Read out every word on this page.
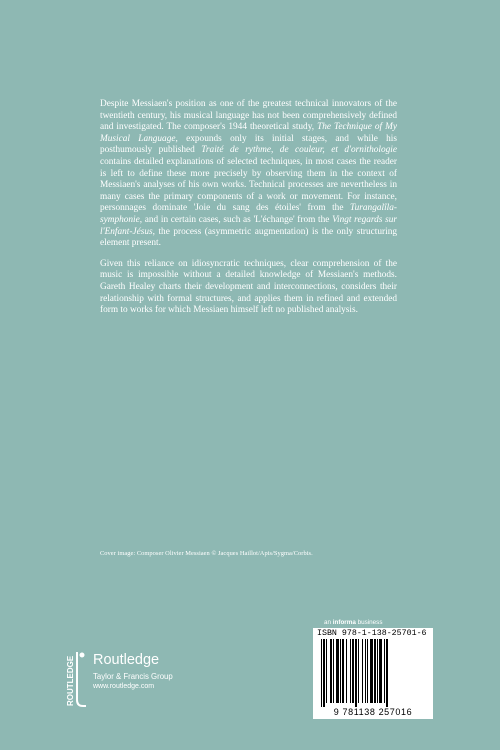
Despite Messiaen's position as one of the greatest technical innovators of the twentieth century, his musical language has not been comprehensively defined and investigated. The composer's 1944 theoretical study, The Technique of My Musical Language, expounds only its initial stages, and while his posthumously published Traité de rythme, de couleur, et d'ornithologie contains detailed explanations of selected techniques, in most cases the reader is left to define these more precisely by observing them in the context of Messiaen's analyses of his own works. Technical processes are nevertheless in many cases the primary components of a work or movement. For instance, personnages dominate 'Joie du sang des étoiles' from the Turangalîla-symphonie, and in certain cases, such as 'L'échange' from the Vingt regards sur l'Enfant-Jésus, the process (asymmetric augmentation) is the only structuring element present.

Given this reliance on idiosyncratic techniques, clear comprehension of the music is impossible without a detailed knowledge of Messiaen's methods. Gareth Healey charts their development and interconnections, considers their relationship with formal structures, and applies them in refined and extended form to works for which Messiaen himself left no published analysis.

Cover image: Composer Olivier Messiaen © Jacques Haillot/Apis/Sygma/Corbis.
an informa business
ISBN 978-1-138-25701-6
9 781138 257016
ROUTLEDGE Routledge
Taylor & Francis Group
www.routledge.com
